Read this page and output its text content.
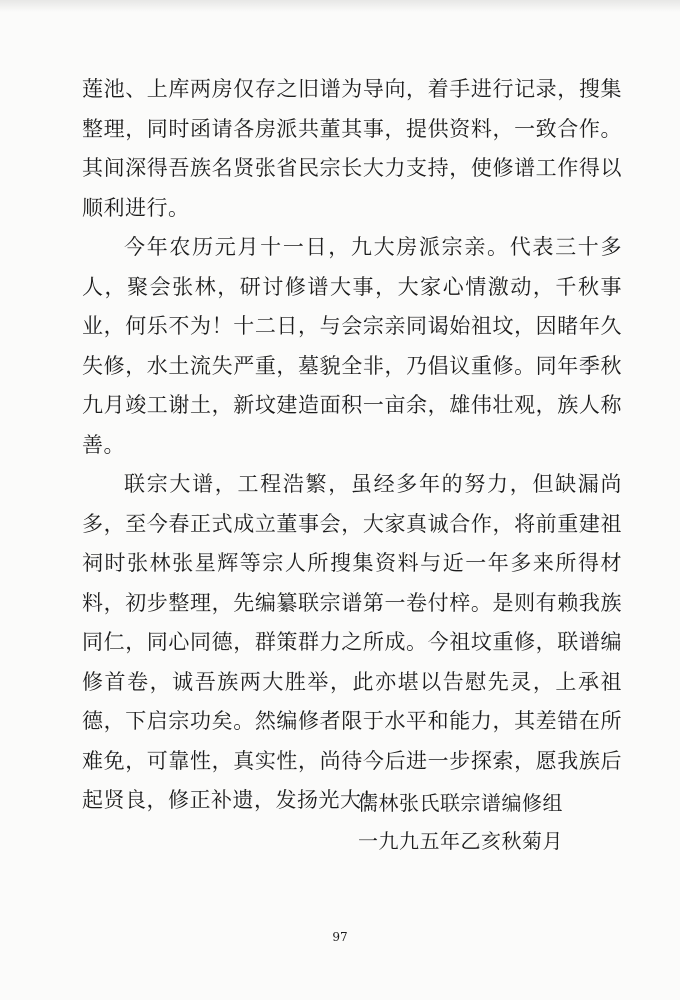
莲池、上库两房仅存之旧谱为导向，着手进行记录，搜集整理，同时函请各房派共董其事，提供资料，一致合作。其间深得吾族名贤张省民宗长大力支持，使修谱工作得以顺利进行。

今年农历元月十一日，九大房派宗亲。代表三十多人，聚会张林，研讨修谱大事，大家心情激动，千秋事业，何乐不为！十二日，与会宗亲同谒始祖坟，因睹年久失修，水土流失严重，墓貌全非，乃倡议重修。同年季秋九月竣工谢土，新坟建造面积一亩余，雄伟壮观，族人称善。

联宗大谱，工程浩繁，虽经多年的努力，但缺漏尚多，至今春正式成立董事会，大家真诚合作，将前重建祖祠时张林张星辉等宗人所搜集资料与近一年多来所得材料，初步整理，先编纂联宗谱第一卷付梓。是则有赖我族同仁，同心同德，群策群力之所成。今祖坟重修，联谱编修首卷，诚吾族两大胜举，此亦堪以告慰先灵，上承祖德，下启宗功矣。然编修者限于水平和能力，其差错在所难免，可靠性，真实性，尚待今后进一步探索，愿我族后起贤良，修正补遗，发扬光大！

儒林张氏联宗谱编修组
一九九五年乙亥秋菊月
97
